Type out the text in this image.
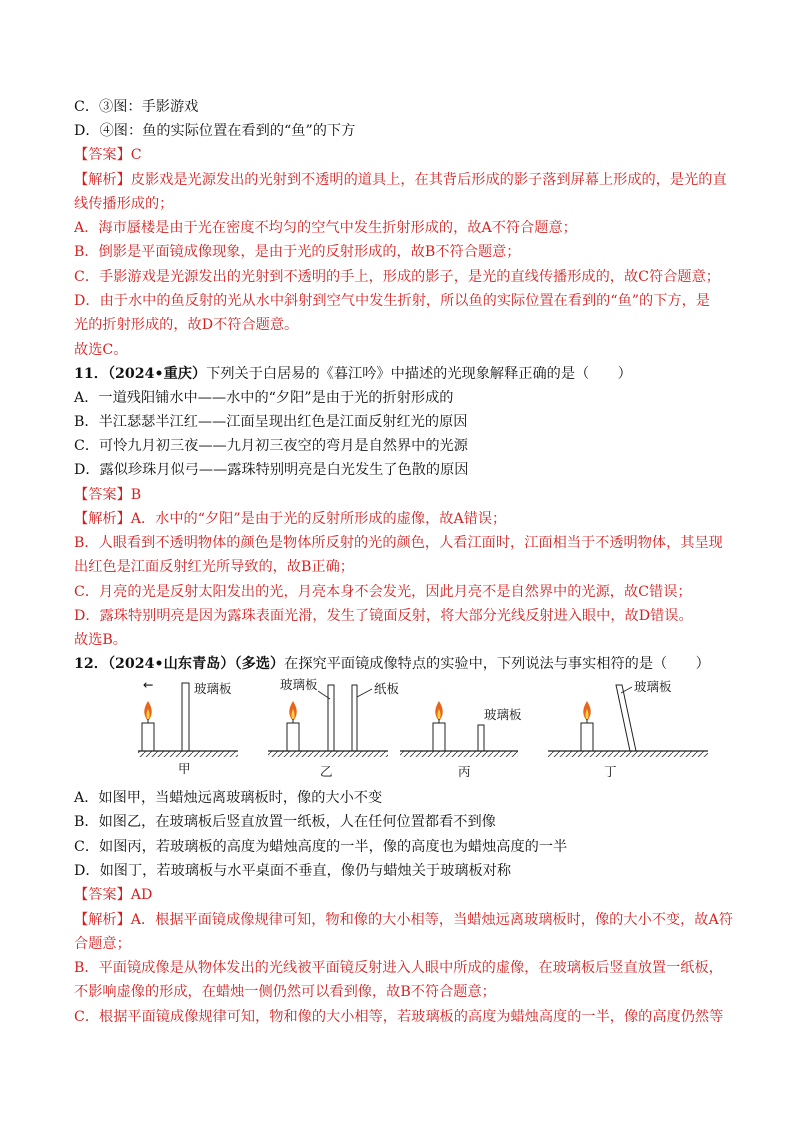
C．③图：手影游戏
D．④图：鱼的实际位置在看到的“鱼”的下方
【答案】C
【解析】皮影戏是光源发出的光射到不透明的道具上，在其背后形成的影子落到屏幕上形成的，是光的直
线传播形成的；
A．海市蜃楼是由于光在密度不均匀的空气中发生折射形成的，故A不符合题意；
B．倒影是平面镜成像现象，是由于光的反射形成的，故B不符合题意；
C．手影游戏是光源发出的光射到不透明的手上，形成的影子，是光的直线传播形成的，故C符合题意；
D．由于水中的鱼反射的光从水中斜射到空气中发生折射，所以鱼的实际位置在看到的“鱼”的下方，是
光的折射形成的，故D不符合题意。
故选C。
B．半江瑟瑟半江红——江面呈现出红色是江面反射红光的原因
C．可怜九月初三夜——九月初三夜空的弯月是自然界中的光源
D．露似珍珠月似弓——露珠特别明亮是白光发生了色散的原因
【答案】B
【解析】A．水中的“夕阳”是由于光的反射所形成的虚像，故A错误；
B．人眼看到不透明物体的颜色是物体所反射的光的颜色，人看江面时，江面相当于不透明物体，其呈现
出红色是江面反射红光所导致的，故B正确；
C．月亮的光是反射太阳发出的光，月亮本身不会发光，因此月亮不是自然界中的光源，故C错误；
D．露珠特别明亮是因为露珠表面光滑，发生了镜面反射，将大部分光线反射进入眼中，故D错误。
故选B。
A．如图甲，当蜡烛远离玻璃板时，像的大小不变
B．如图乙，在玻璃板后竖直放置一纸板，人在任何位置都看不到像
C．如图丙，若玻璃板的高度为蜡烛高度的一半，像的高度也为蜡烛高度的一半
D．如图丁，若玻璃板与水平桌面不垂直，像仍与蜡烛关于玻璃板对称
【答案】AD
【解析】A．根据平面镜成像规律可知，物和像的大小相等，当蜡烛远离玻璃板时，像的大小不变，故A符
合题意；
B．平面镜成像是从物体发出的光线被平面镜反射进入人眼中所成的虚像，在玻璃板后竖直放置一纸板，
不影响虚像的形成，在蜡烛一侧仍然可以看到像，故B不符合题意；
C．根据平面镜成像规律可知，物和像的大小相等，若玻璃板的高度为蜡烛高度的一半，像的高度仍然等
11．（2024•重庆）下列关于白居易的《暮江吟》中描述的光现象解释正确的是（　　）
A．一道残阳铺水中——水中的“夕阳”是由于光的折射形成的
12．（2024•山东青岛）（多选）在探究平面镜成像特点的实验中，下列说法与事实相符的是（　　）
←	玻璃板
甲
玻璃板	纸板
乙
玻璃板
丙
玻璃板
丁
